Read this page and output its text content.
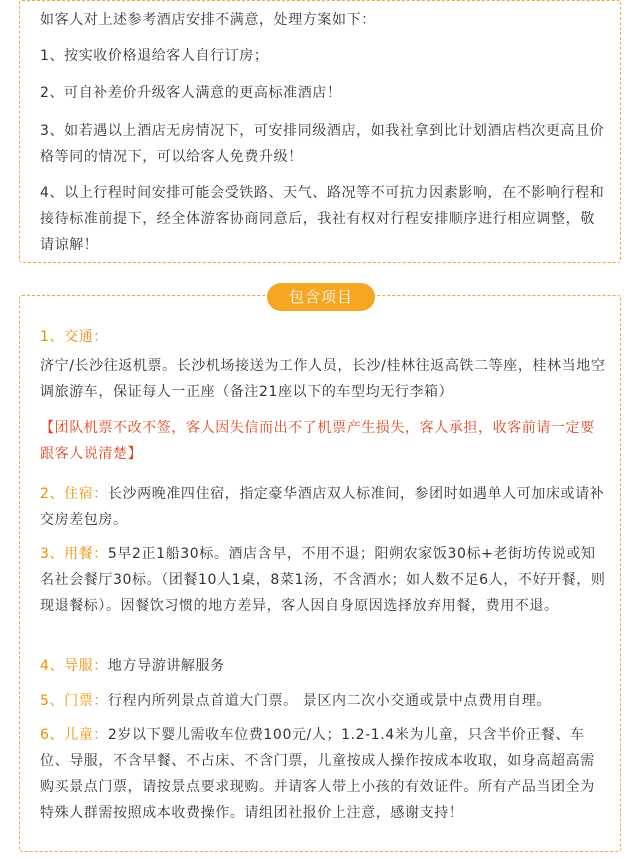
如客人对上述参考酒店安排不满意，处理方案如下：

1、按实收价格退给客人自行订房；

2、可自补差价升级客人满意的更高标准酒店！

3、如若遇以上酒店无房情况下，可安排同级酒店，如我社拿到比计划酒店档次更高且价格等同的情况下，可以给客人免费升级！

4、以上行程时间安排可能会受铁路、天气、路况等不可抗力因素影响，在不影响行程和接待标准前提下，经全体游客协商同意后，我社有权对行程安排顺序进行相应调整，敬请谅解！

包含项目

1、交通：

济宁/长沙往返机票。长沙机场接送为工作人员，长沙/桂林往返高铁二等座，桂林当地空调旅游车，保证每人一正座（备注21座以下的车型均无行李箱）

【团队机票不改不签，客人因失信而出不了机票产生损失，客人承担，收客前请一定要跟客人说清楚】

2、住宿：长沙两晚准四住宿，指定豪华酒店双人标准间，参团时如遇单人可加床或请补交房差包房。

3、用餐：5早2正1船30标。酒店含早，不用不退；阳朔农家饭30标+老街坊传说或知名社会餐厅30标。（团餐10人1桌，8菜1汤，不含酒水；如人数不足6人，不好开餐，则现退餐标）。因餐饮习惯的地方差异，客人因自身原因选择放弃用餐，费用不退。

4、导服：地方导游讲解服务

5、门票：行程内所列景点首道大门票。 景区内二次小交通或景中点费用自理。

6、儿童：2岁以下婴儿需收车位费100元/人；1.2-1.4米为儿童，只含半价正餐、车位、导服，不含早餐、不占床、不含门票，儿童按成人操作按成本收取，如身高超高需购买景点门票，请按景点要求现购。并请客人带上小孩的有效证件。所有产品当团全为特殊人群需按照成本收费操作。请组团社报价上注意，感谢支持！
